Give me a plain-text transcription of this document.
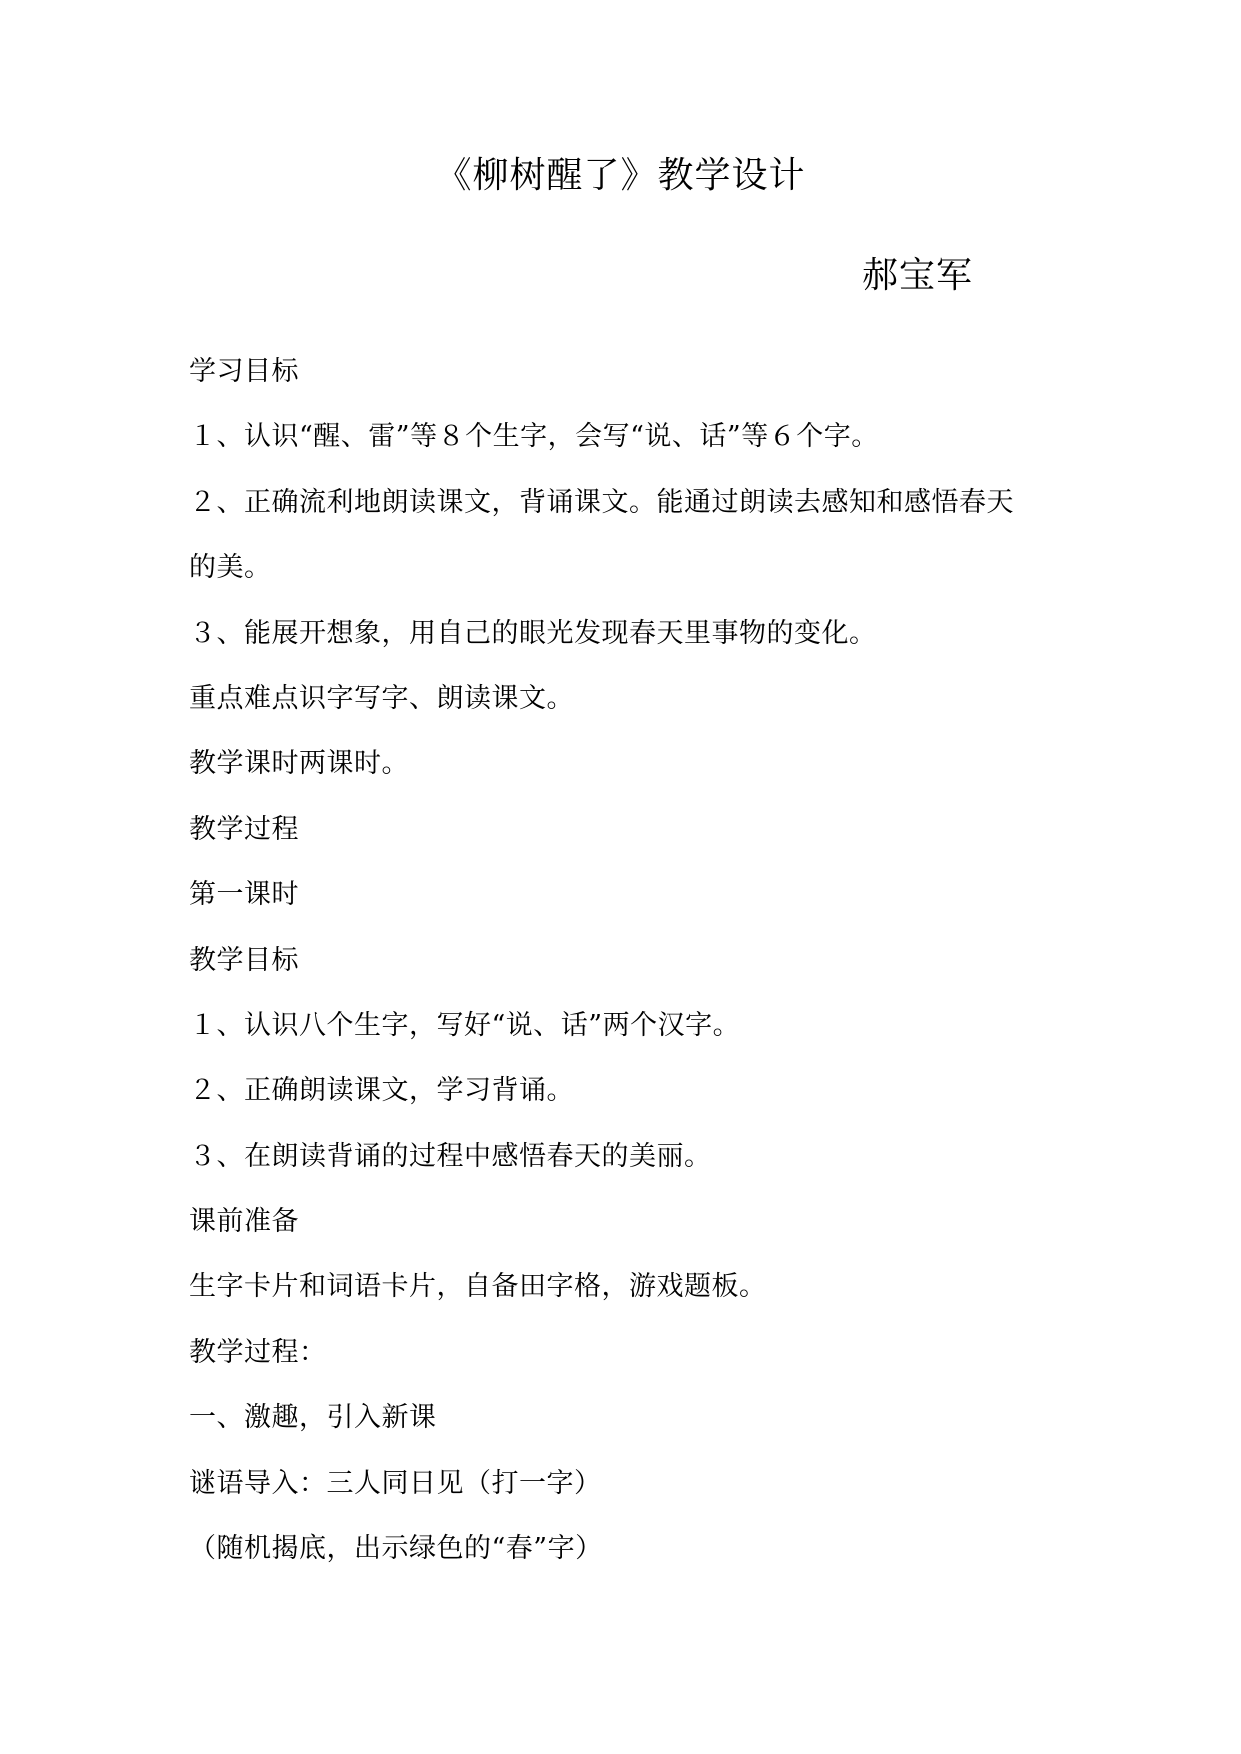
《柳树醒了》教学设计
郝宝军
学习目标
１、认识“醒、雷”等８个生字，会写“说、话”等６个字。
２、正确流利地朗读课文，背诵课文。能通过朗读去感知和感悟春天
的美。
３、能展开想象，用自己的眼光发现春天里事物的变化。
重点难点识字写字、朗读课文。
教学课时两课时。
教学过程
第一课时
教学目标
１、认识八个生字，写好“说、话”两个汉字。
２、正确朗读课文，学习背诵。
３、在朗读背诵的过程中感悟春天的美丽。
课前准备
生字卡片和词语卡片，自备田字格，游戏题板。
教学过程：
一、激趣，引入新课
谜语导入：三人同日见（打一字）
（随机揭底，出示绿色的“春”字）
